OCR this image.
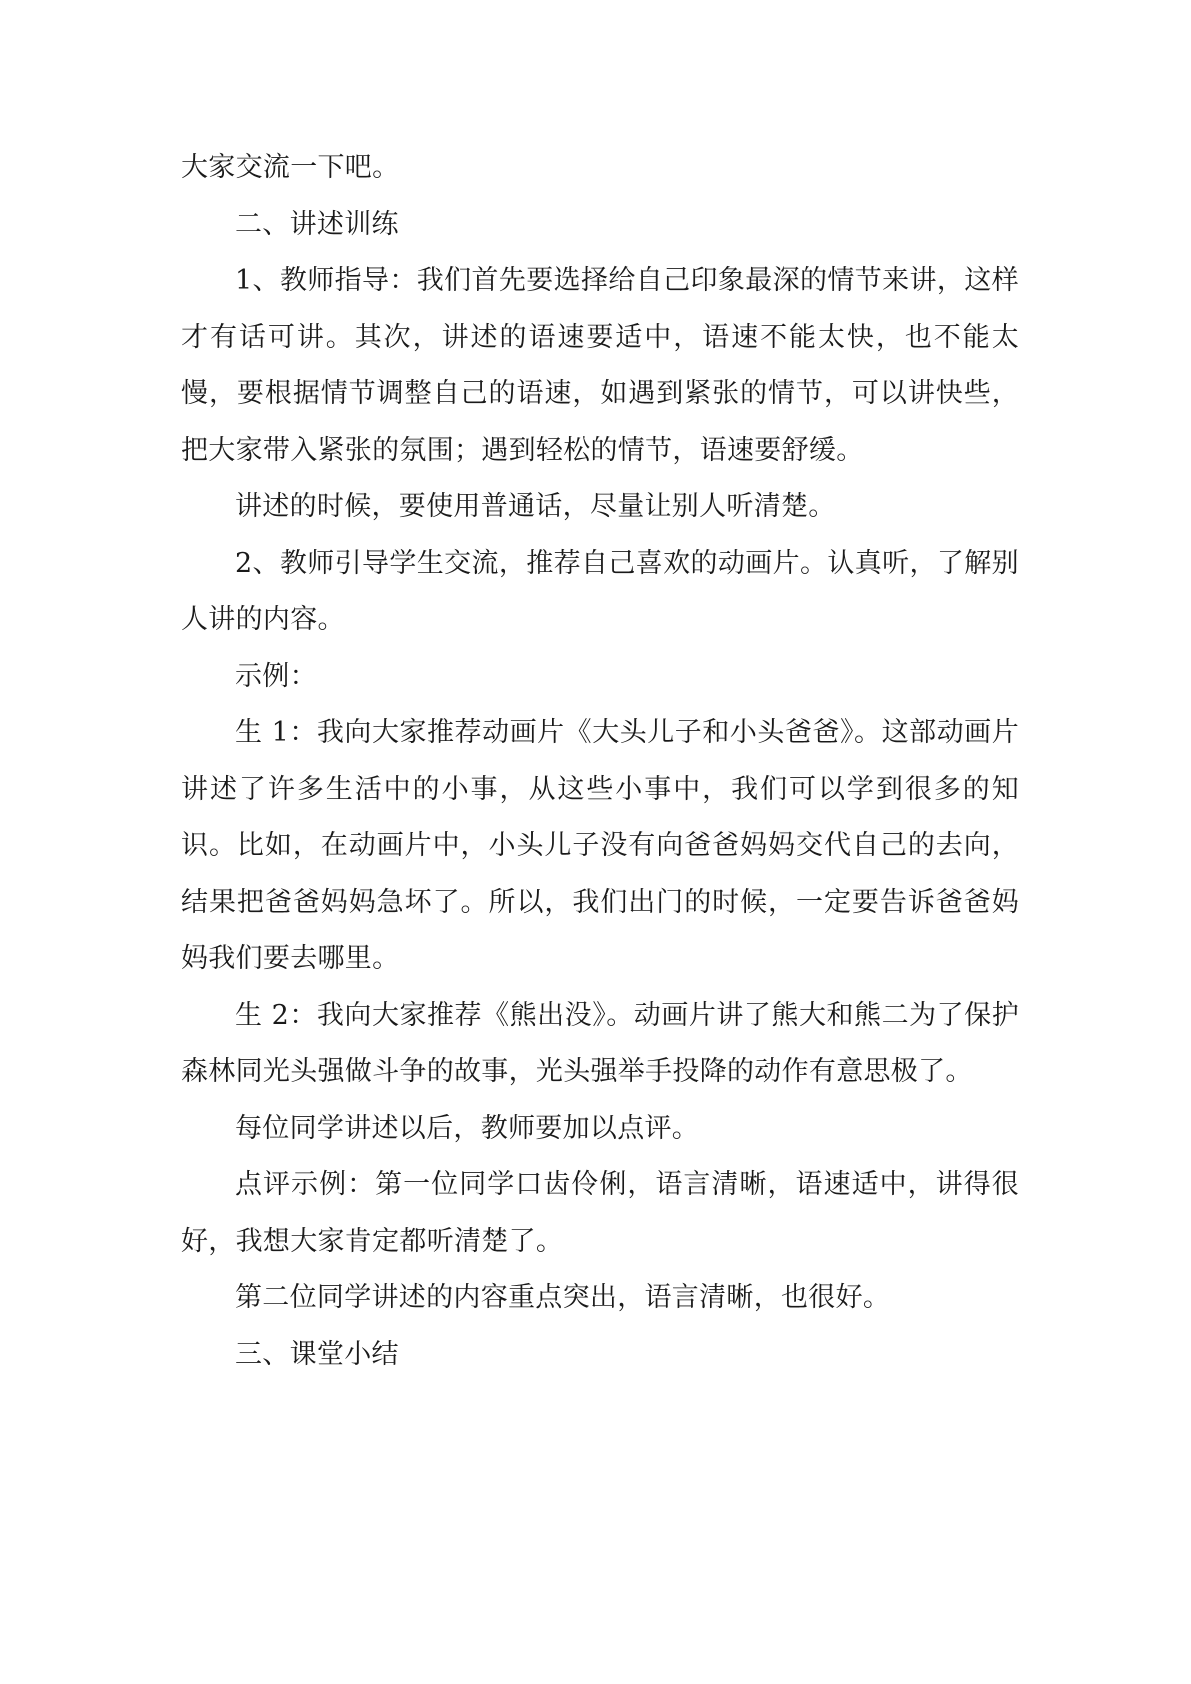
大家交流一下吧。

二、讲述训练

1、教师指导：我们首先要选择给自己印象最深的情节来讲，这样才有话可讲。其次，讲述的语速要适中，语速不能太快，也不能太慢，要根据情节调整自己的语速，如遇到紧张的情节，可以讲快些，把大家带入紧张的氛围；遇到轻松的情节，语速要舒缓。

讲述的时候，要使用普通话，尽量让别人听清楚。

2、教师引导学生交流，推荐自己喜欢的动画片。认真听，了解别人讲的内容。

示例：

生 1：我向大家推荐动画片《大头儿子和小头爸爸》。这部动画片讲述了许多生活中的小事，从这些小事中，我们可以学到很多的知识。比如，在动画片中，小头儿子没有向爸爸妈妈交代自己的去向，结果把爸爸妈妈急坏了。所以，我们出门的时候，一定要告诉爸爸妈妈我们要去哪里。

生 2：我向大家推荐《熊出没》。动画片讲了熊大和熊二为了保护森林同光头强做斗争的故事，光头强举手投降的动作有意思极了。

每位同学讲述以后，教师要加以点评。

点评示例：第一位同学口齿伶俐，语言清晰，语速适中，讲得很好，我想大家肯定都听清楚了。

第二位同学讲述的内容重点突出，语言清晰，也很好。

三、课堂小结
